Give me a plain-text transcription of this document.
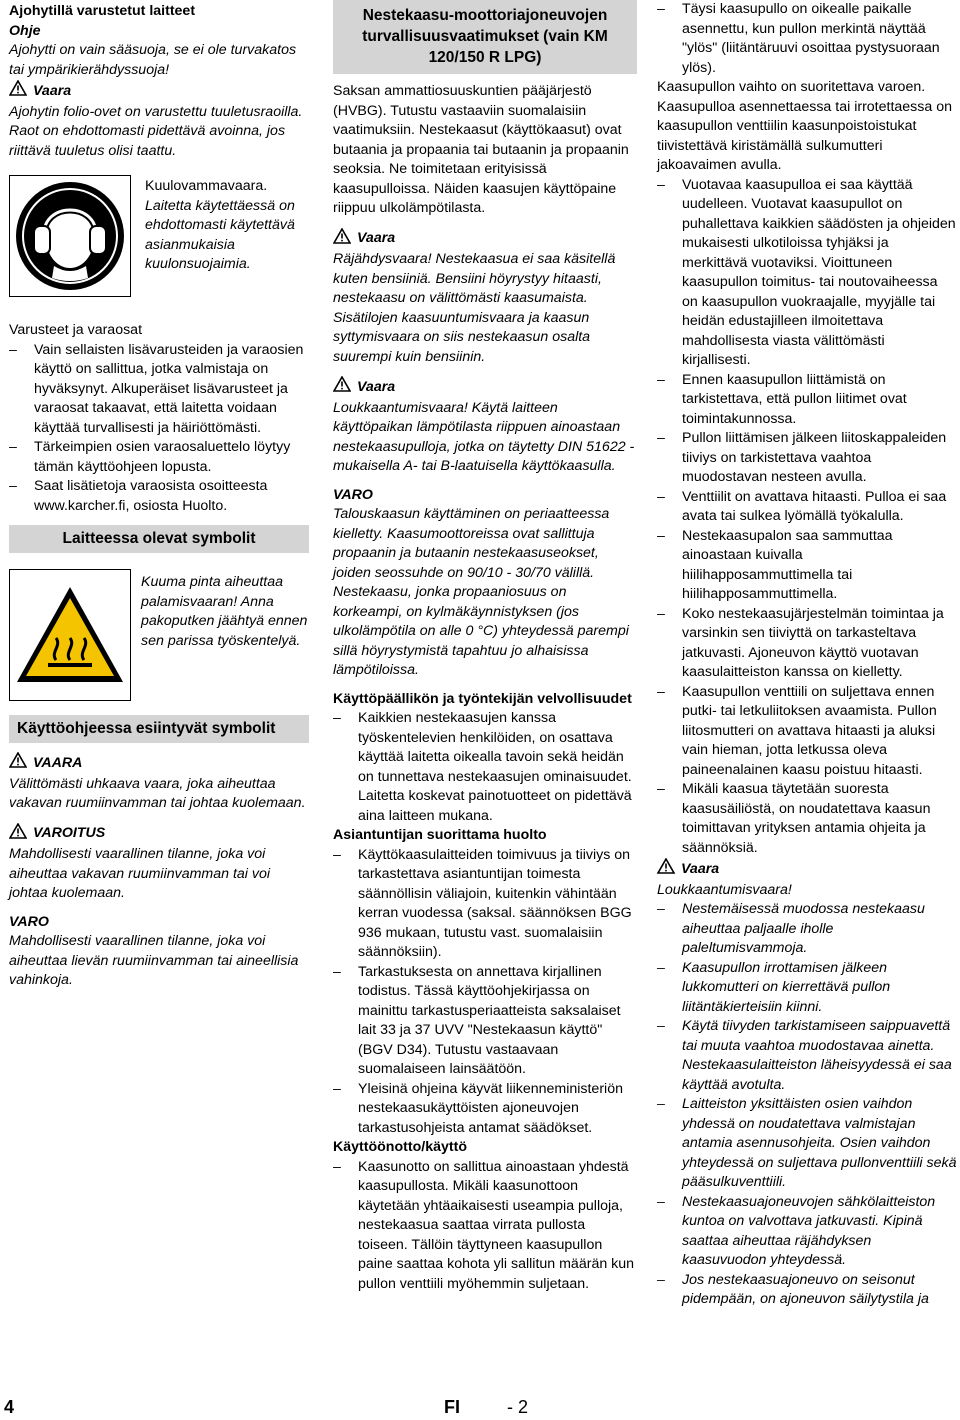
Ajohytillä varustetut laitteet

Ohje

Ajohytti on vain sääsuoja, se ei ole turvakatos tai ympärikierähdyssuoja!

Vaara

Ajohytin folio-ovet on varustettu tuuletusraoilla. Raot on ehdottomasti pidettävä avoinna, jos riittävä tuuletus olisi taattu.

Kuulovammavaara.

Laitetta käytettäessä on ehdottomasti käytettävä asianmukaisia kuulonsuojaimia.

Varusteet ja varaosat

– Vain sellaisten lisävarusteiden ja varaosien käyttö on sallittua, jotka valmistaja on hyväksynyt. Alkuperäiset lisävarusteet ja varaosat takaavat, että laitetta voidaan käyttää turvallisesti ja häiriöttömästi.

– Tärkeimpien osien varaosaluettelo löytyy tämän käyttöohjeen lopusta.

– Saat lisätietoja varaosista osoitteesta www.karcher.fi, osiosta Huolto.

Laitteessa olevat symbolit

Kuuma pinta aiheuttaa palamisvaaran! Anna pakoputken jäähtyä ennen sen parissa työskentelyä.

Käyttöohjeessa esiintyvät symbolit
VAARA

Välittömästi uhkaava vaara, joka aiheuttaa vakavan ruumiinvamman tai johtaa kuolemaan.

VAROITUS

Mahdollisesti vaarallinen tilanne, joka voi aiheuttaa vakavan ruumiinvamman tai voi johtaa kuolemaan.

VARO

Mahdollisesti vaarallinen tilanne, joka voi aiheuttaa lievän ruumiinvamman tai aineellisia vahinkoja.

Nestekaasu-moottoriajoneuvojen turvallisuusvaatimukset (vain KM 120/150 R LPG)

Saksan ammattiosuuskuntien pääjärjestö (HVBG). Tutustu vastaaviin suomalaisiin vaatimuksiin. Nestekaasut (käyttökaasut) ovat butaania ja propaania tai butaanin ja propaanin seoksia. Ne toimitetaan erityisissä kaasupulloissa. Näiden kaasujen käyttöpaine riippuu ulkolämpötilasta.

Vaara

Räjähdysvaara! Nestekaasua ei saa käsitellä kuten bensiiniä. Bensiini höyrystyy hitaasti, nestekaasu on välittömästi kaasumaista. Sisätilojen kaasuuntumisvaara ja kaasun syttymisvaara on siis nestekaasun osalta suurempi kuin bensiinin.

Vaara

Loukkaantumisvaara! Käytä laitteen käyttöpaikan lämpötilasta riippuen ainoastaan nestekaasupulloja, jotka on täytetty DIN 51622 -mukaisella A- tai B-laatuisella käyttökaasulla.

VARO

Talouskaasun käyttäminen on periaatteessa kielletty. Kaasumoottoreissa ovat sallittuja propaanin ja butaanin nestekaasuseokset, joiden seossuhde on 90/10 - 30/70 välillä. Nestekaasu, jonka propaaniosuus on korkeampi, on kylmäkäynnistyksen (jos ulkolämpötila on alle 0 °C) yhteydessä parempi sillä höyrystymistä tapahtuu jo alhaisissa lämpötiloissa.

Käyttöpäällikön ja työntekijän velvollisuudet

– Kaikkien nestekaasujen kanssa työskentelevien henkilöiden, on osattava käyttää laitetta oikealla tavoin sekä heidän on tunnettava nestekaasujen ominaisuudet. Laitetta koskevat painotuotteet on pidettävä aina laitteen mukana.

Asiantuntijan suorittama huolto

– Käyttökaasulaitteiden toimivuus ja tiiviys on tarkastettava asiantuntijan toimesta säännöllisin väliajoin, kuitenkin vähintään kerran vuodessa (saksal. säännöksen BGG 936 mukaan, tutustu vast. suomalaisiin säännöksiin).

– Tarkastuksesta on annettava kirjallinen todistus. Tässä käyttöohjekirjassa on mainittu tarkastusperiaatteista saksalaiset lait 33 ja 37 UVV "Nestekaasun käyttö" (BGV D34). Tutustu vastaavaan suomalaiseen lainsäätöön.

– Yleisinä ohjeina käyvät liikenneministeriön nestekaasukäyttöisten ajoneuvojen tarkastusohjeista antamat säädökset.

Käyttöönotto/käyttö

– Kaasunotto on sallittua ainoastaan yhdestä kaasupullosta. Mikäli kaasunottoon käytetään yhtäaikaisesti useampia pulloja, nestekaasua saattaa virrata pullosta toiseen. Tällöin täyttyneen kaasupullon paine saattaa kohota yli sallitun määrän kun pullon venttiili myöhemmin suljetaan.

– Täysi kaasupullo on oikealle paikalle asennettu, kun pullon merkintä näyttää "ylös" (liitäntäruuvi osoittaa pystysuoraan ylös).

Kaasupullon vaihto on suoritettava varoen.

Kaasupulloa asennettaessa tai irrotettaessa on kaasupullon venttiilin kaasunpoistoistukat tiivistettävä kiristämällä sulkumutteri jakoavaimen avulla.

– Vuotavaa kaasupulloa ei saa käyttää uudelleen. Vuotavat kaasupullot on puhallettava kaikkien säädösten ja ohjeiden mukaisesti ulkotiloissa tyhjäksi ja merkittävä vuotaviksi. Vioittuneen kaasupullon toimitus- tai noutovaiheessa on kaasupullon vuokraajalle, myyjälle tai heidän edustajilleen ilmoitettava mahdollisesta viasta välittömästi kirjallisesti.

– Ennen kaasupullon liittämistä on tarkistettava, että pullon liitimet ovat toimintakunnossa.

– Pullon liittämisen jälkeen liitoskappaleiden tiiviys on tarkistettava vaahtoa muodostavan nesteen avulla.

– Venttiilit on avattava hitaasti. Pulloa ei saa avata tai sulkea lyömällä työkalulla.

– Nestekaasupalon saa sammuttaa ainoastaan kuivalla hiilihapposammuttimella tai hiilihapposammuttimella.

– Koko nestekaasujärjestelmän toimintaa ja varsinkin sen tiiviyttä on tarkasteltava jatkuvasti. Ajoneuvon käyttö vuotavan kaasulaitteiston kanssa on kielletty.

– Kaasupullon venttiili on suljettava ennen putki- tai letkuliitoksen avaamista. Pullon liitosmutteri on avattava hitaasti ja aluksi vain hieman, jotta letkussa oleva paineenalainen kaasu poistuu hitaasti.

– Mikäli kaasua täytetään suoresta kaasusäiliöstä, on noudatettava kaasun toimittavan yrityksen antamia ohjeita ja säännöksiä.

Vaara

Loukkaantumisvaara!

– Nestemäisessä muodossa nestekaasu aiheuttaa paljaalle iholle paleltumisvammoja.

– Kaasupullon irrottamisen jälkeen lukkomutteri on kierrettävä pullon liitäntäkierteisiin kiinni.

– Käytä tiivyden tarkistamiseen saippuavettä tai muuta vaahtoa muodostavaa ainetta. Nestekaasulaitteiston läheisyydessä ei saa käyttää avotulta.

– Laitteiston yksittäisten osien vaihdon yhdessä on noudatettava valmistajan antamia asennusohjeita. Osien vaihdon yhteydessä on suljettava pullonventtiili sekä pääsulkuventtiili.

– Nestekaasuajoneuvojen sähkölaitteiston kuntoa on valvottava jatkuvasti. Kipinä saattaa aiheuttaa räjähdyksen kaasuvuodon yhteydessä.

– Jos nestekaasuajoneuvo on seisonut pidempään, on ajoneuvon säilytystila ja

4	FI	- 2
